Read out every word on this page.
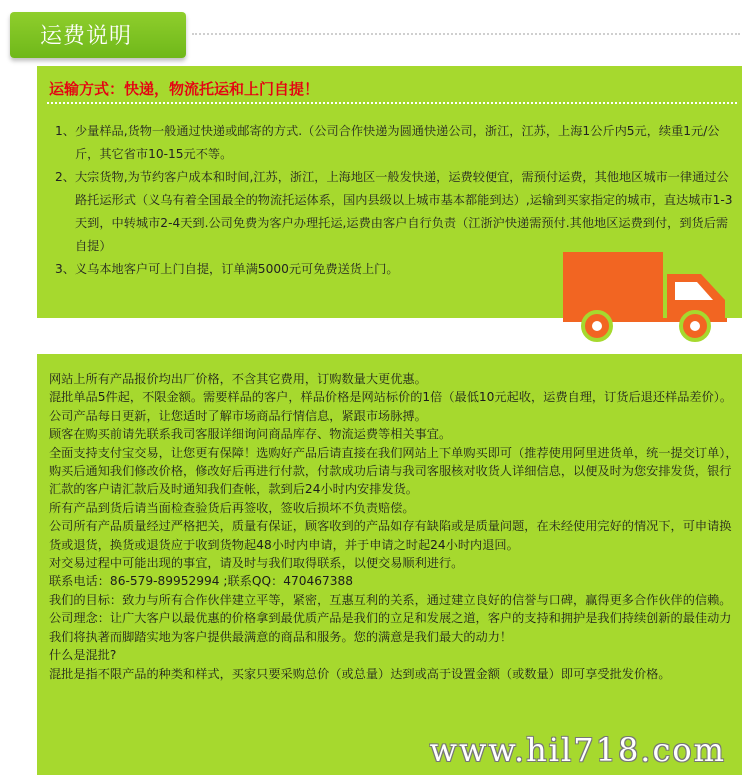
运费说明
运输方式：快递，物流托运和上门自提！
1、 少量样品,货物一般通过快递或邮寄的方式.（公司合作快递为圆通快递公司，浙江，江苏，上海1公斤内5元，续重1元/公斤，其它省市10-15元不等。
2、 大宗货物,为节约客户成本和时间,江苏，浙江，上海地区一般发快递，运费较便宜，需预付运费，其他地区城市一律通过公路托运形式（义乌有着全国最全的物流托运体系，国内县级以上城市基本都能到达）,运输到买家指定的城市，直达城市1-3天到，中转城市2-4天到.公司免费为客户办理托运,运费由客户自行负责（江浙沪快递需预付.其他地区运费到付，到货后需自提）
3、 义乌本地客户可上门自提，订单满5000元可免费送货上门。

网站上所有产品报价均出厂价格，不含其它费用，订购数量大更优惠。

混批单品5件起，不限金额。需要样品的客户，样品价格是网站标价的1倍（最低10元起收，运费自理，订货后退还样品差价）。

公司产品每日更新，让您适时了解市场商品行情信息，紧跟市场脉搏。

顾客在购买前请先联系我司客服详细询问商品库存、物流运费等相关事宜。

全面支持支付宝交易，让您更有保障！选购好产品后请直接在我们网站上下单购买即可（推荐使用阿里进货单，统一提交订单），购买后通知我们修改价格，修改好后再进行付款，付款成功后请与我司客服核对收货人详细信息，以便及时为您安排发货，银行汇款的客户请汇款后及时通知我们查帐，款到后24小时内安排发货。

所有产品到货后请当面检查验货后再签收，签收后损坏不负责赔偿。

公司所有产品质量经过严格把关，质量有保证，顾客收到的产品如存有缺陷或是质量问题，在未经使用完好的情况下，可申请换货或退货，换货或退货应于收到货物起48小时内申请，并于申请之时起24小时内退回。

对交易过程中可能出现的事宜，请及时与我们取得联系，以便交易顺利进行。

联系电话：86-579-89952994 ;联系QQ：470467388

我们的目标：致力与所有合作伙伴建立平等，紧密，互惠互利的关系，通过建立良好的信誉与口碑，赢得更多合作伙伴的信赖。

公司理念：让广大客户以最优惠的价格拿到最优质产品是我们的立足和发展之道，客户的支持和拥护是我们持续创新的最佳动力

我们将执著而脚踏实地为客户提供最满意的商品和服务。您的满意是我们最大的动力！

什么是混批?

混批是指不限产品的种类和样式，买家只要采购总价（或总量）达到或高于设置金额（或数量）即可享受批发价格。

www.hil718.com
